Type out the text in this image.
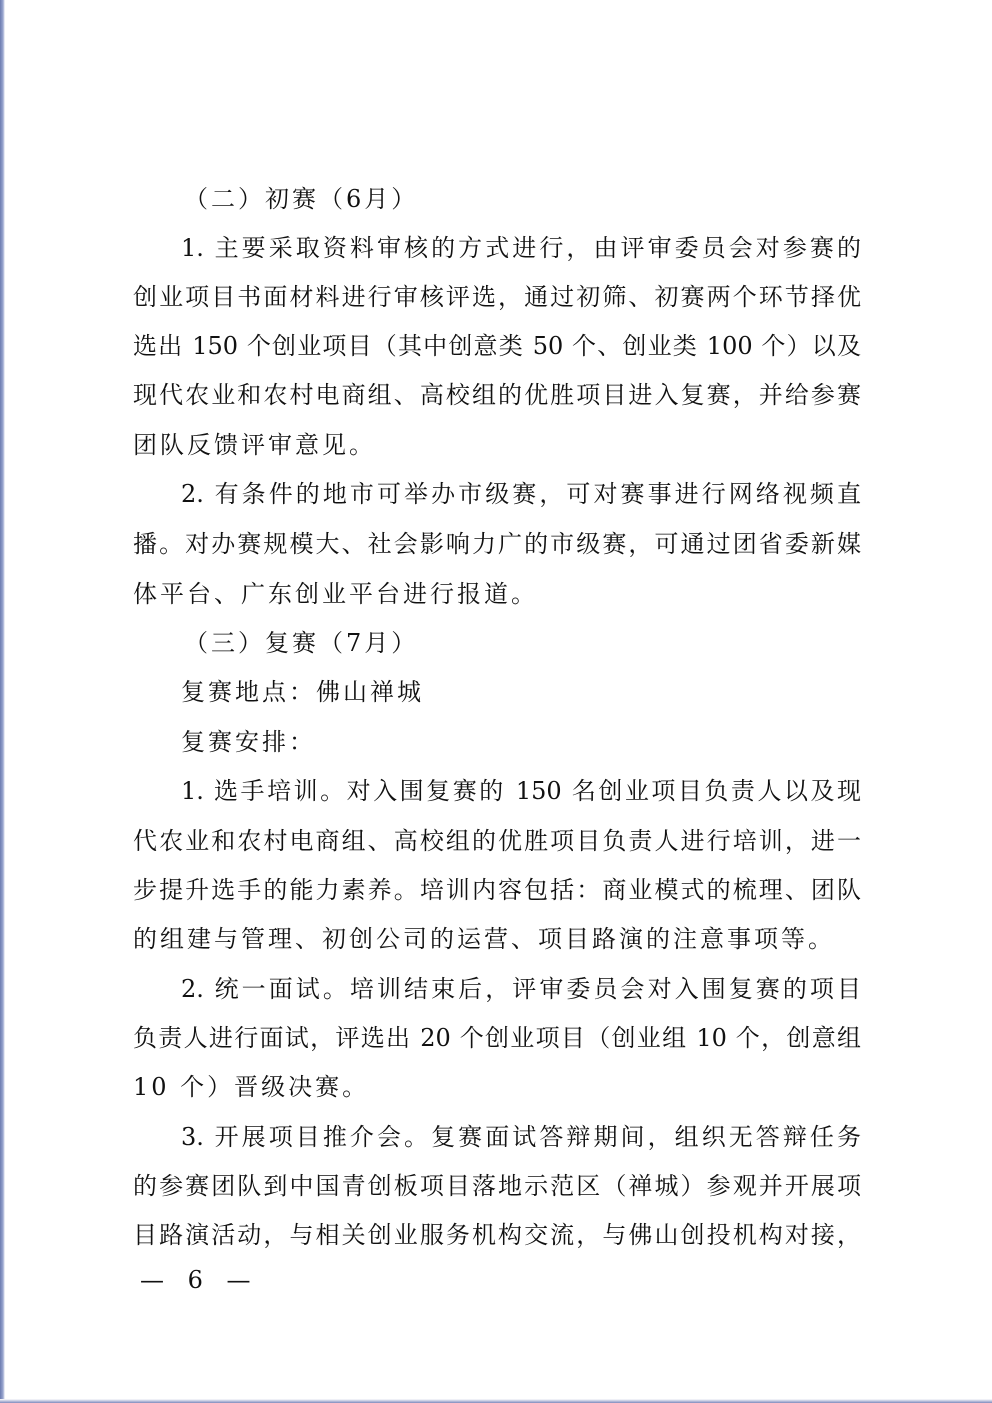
（二）初赛（6月）
1. 主要采取资料审核的方式进行，由评审委员会对参赛的
创业项目书面材料进行审核评选，通过初筛、初赛两个环节择优
选出 150 个创业项目（其中创意类 50 个、创业类 100 个）以及
现代农业和农村电商组、高校组的优胜项目进入复赛，并给参赛
团队反馈评审意见。
2. 有条件的地市可举办市级赛，可对赛事进行网络视频直
播。对办赛规模大、社会影响力广的市级赛，可通过团省委新媒
体平台、广东创业平台进行报道。
（三）复赛（7月）
复赛地点：佛山禅城
复赛安排：
1. 选手培训。对入围复赛的 150 名创业项目负责人以及现
代农业和农村电商组、高校组的优胜项目负责人进行培训，进一
步提升选手的能力素养。培训内容包括：商业模式的梳理、团队
的组建与管理、初创公司的运营、项目路演的注意事项等。
2. 统一面试。培训结束后，评审委员会对入围复赛的项目
负责人进行面试，评选出 20 个创业项目（创业组 10 个，创意组
10 个）晋级决赛。
3. 开展项目推介会。复赛面试答辩期间，组织无答辩任务
的参赛团队到中国青创板项目落地示范区（禅城）参观并开展项
目路演活动，与相关创业服务机构交流，与佛山创投机构对接，
— 6 —
